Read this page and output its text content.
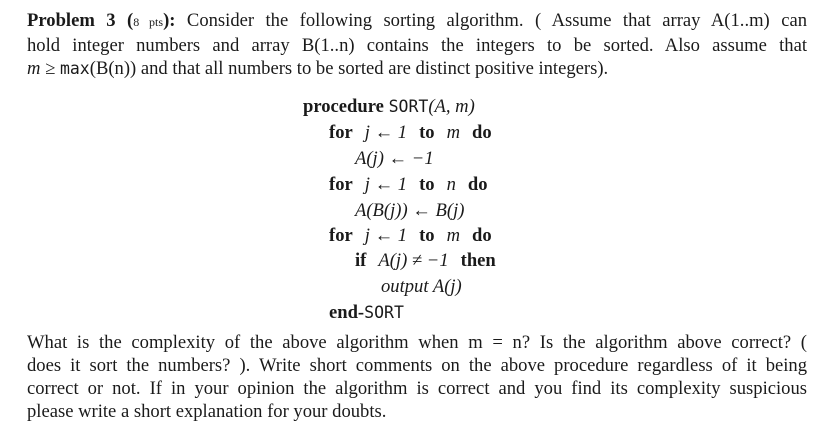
Problem 3 (8 pts): Consider the following sorting algorithm. ( Assume that array A(1..m) can
hold integer numbers and array B(1..n) contains the integers to be sorted. Also assume that
m ≥ max(B(n)) and that all numbers to be sorted are distinct positive integers).
procedure SORT(A, m)
for j ← 1 to m do
A(j) ← −1
for j ← 1 to n do
A(B(j)) ← B(j)
for j ← 1 to m do
if A(j) ≠ −1 then
output A(j)
end-SORT
What is the complexity of the above algorithm when m = n? Is the algorithm above correct? (
does it sort the numbers? ). Write short comments on the above procedure regardless of it being
correct or not. If in your opinion the algorithm is correct and you find its complexity suspicious
please write a short explanation for your doubts.
